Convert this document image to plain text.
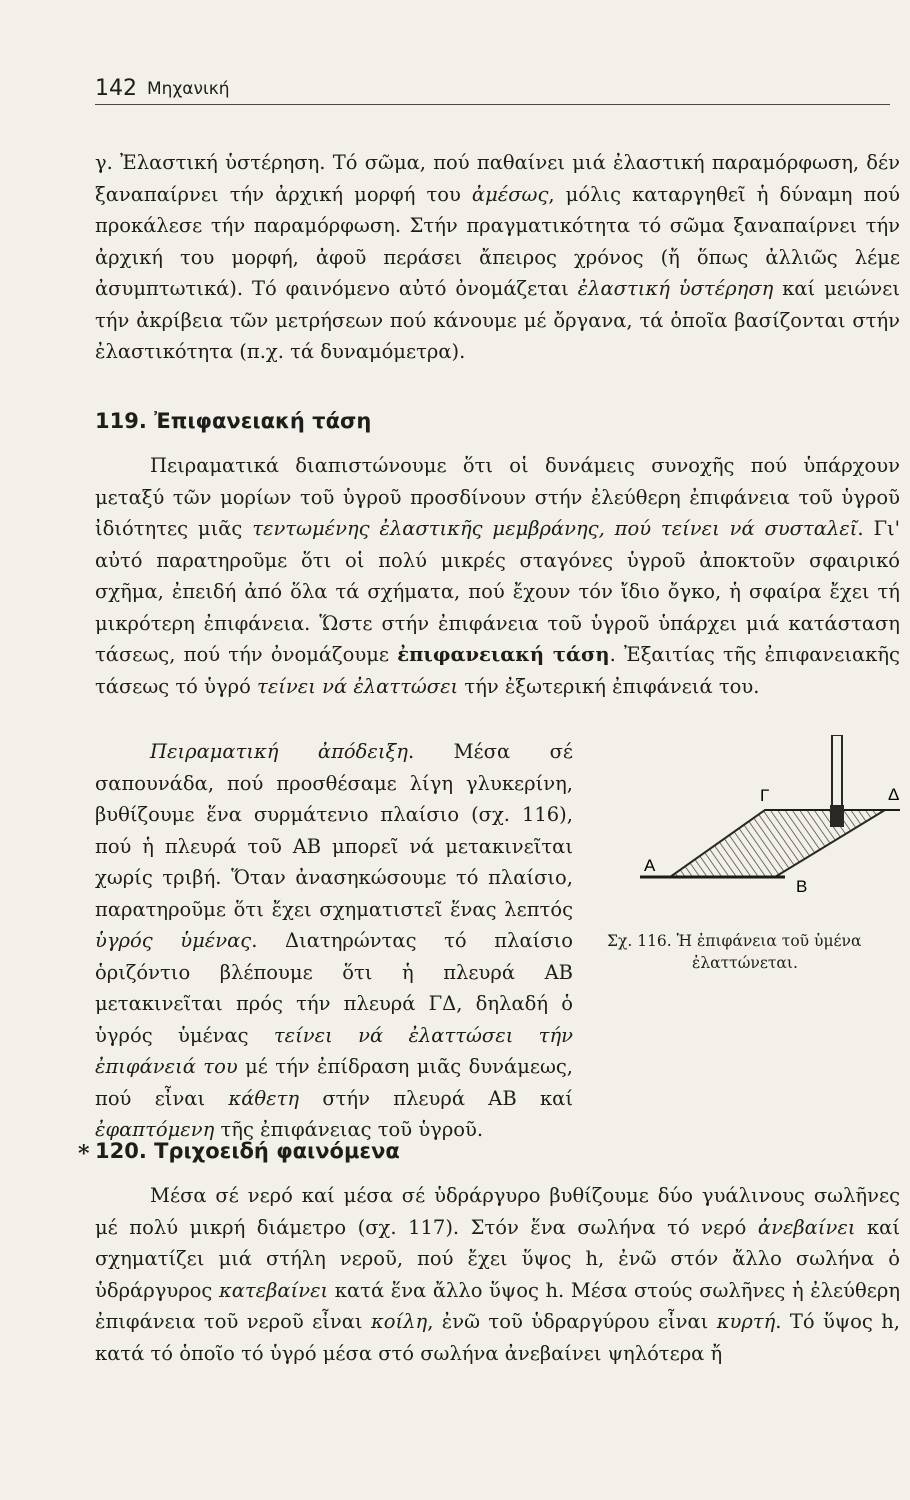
142 Μηχανική

γ. Ἐλαστική ὑστέρηση. Τό σῶμα, πού παθαίνει μιά ἐλαστική παραμόρφωση, δέν ξαναπαίρνει τήν ἀρχική μορφή του ἀμέσως, μόλις καταργηθεῖ ἡ δύναμη πού προκάλεσε τήν παραμόρφωση. Στήν πραγματικότητα τό σῶμα ξαναπαίρνει τήν ἀρχική του μορφή, ἀφοῦ περάσει ἄπειρος χρόνος (ἤ ὅπως ἀλλιῶς λέμε ἀσυμπτωτικά). Τό φαινόμενο αὐτό ὀνομάζεται ἐλαστική ὑστέρηση καί μειώνει τήν ἀκρίβεια τῶν μετρήσεων πού κάνουμε μέ ὄργανα, τά ὁποῖα βασίζονται στήν ἐλαστικότητα (π.χ. τά δυναμόμετρα).

119. Ἐπιφανειακή τάση

Πειραματικά διαπιστώνουμε ὅτι οἱ δυνάμεις συνοχῆς πού ὑπάρχουν μεταξύ τῶν μορίων τοῦ ὑγροῦ προσδίνουν στήν ἐλεύθερη ἐπιφάνεια τοῦ ὑγροῦ ἰδιότητες μιᾶς τεντωμένης ἐλαστικῆς μεμβράνης, πού τείνει νά συσταλεῖ. Γι' αὐτό παρατηροῦμε ὅτι οἱ πολύ μικρές σταγόνες ὑγροῦ ἀποκτοῦν σφαιρικό σχῆμα, ἐπειδή ἀπό ὅλα τά σχήματα, πού ἔχουν τόν ἴδιο ὄγκο, ἡ σφαίρα ἔχει τή μικρότερη ἐπιφάνεια. Ὥστε στήν ἐπιφάνεια τοῦ ὑγροῦ ὑπάρχει μιά κατάσταση τάσεως, πού τήν ὀνομάζουμε ἐπιφανειακή τάση. Ἐξαιτίας τῆς ἐπιφανειακῆς τάσεως τό ὑγρό τείνει νά ἐλαττώσει τήν ἐξωτερική ἐπιφάνειά του.

Πειραματική ἀπόδειξη. Μέσα σέ σαπουνάδα, πού προσθέσαμε λίγη γλυκερίνη, βυθίζουμε ἕνα συρμάτενιο πλαίσιο (σχ. 116), πού ἡ πλευρά τοῦ ΑΒ μπορεῖ νά μετακινεῖται χωρίς τριβή. Ὅταν ἀνασηκώσουμε τό πλαίσιο, παρατηροῦμε ὅτι ἔχει σχηματιστεῖ ἕνας λεπτός ὑγρός ὑμένας. Διατηρώντας τό πλαίσιο ὁριζόντιο βλέπουμε ὅτι ἡ πλευρά ΑΒ μετακινεῖται πρός τήν πλευρά ΓΔ, δηλαδή ὁ ὑγρός ὑμένας τείνει νά ἐλαττώσει τήν ἐπιφάνειά του μέ τήν ἐπίδραση μιᾶς δυνάμεως, πού εἶναι κάθετη στήν πλευρά ΑΒ καί ἐφαπτόμενη τῆς ἐπιφάνειας τοῦ ὑγροῦ.

Α
Β
Γ	Δ
Σχ. 116. Ἡ ἐπιφάνεια τοῦ ὑμένα
ἐλαττώνεται.
* 120. Τριχοειδή φαινόμενα

Μέσα σέ νερό καί μέσα σέ ὑδράργυρο βυθίζουμε δύο γυάλινους σωλῆνες μέ πολύ μικρή διάμετρο (σχ. 117). Στόν ἕνα σωλήνα τό νερό ἀνεβαίνει καί σχηματίζει μιά στήλη νεροῦ, πού ἔχει ὕψος h, ἐνῶ στόν ἄλλο σωλήνα ὁ ὑδράργυρος κατεβαίνει κατά ἕνα ἄλλο ὕψος h. Μέσα στούς σωλῆνες ἡ ἐλεύθερη ἐπιφάνεια τοῦ νεροῦ εἶναι κοίλη, ἐνῶ τοῦ ὑδραργύρου εἶναι κυρτή. Τό ὕψος h, κατά τό ὁποῖο τό ὑγρό μέσα στό σωλήνα ἀνεβαίνει ψηλότερα ἤ
